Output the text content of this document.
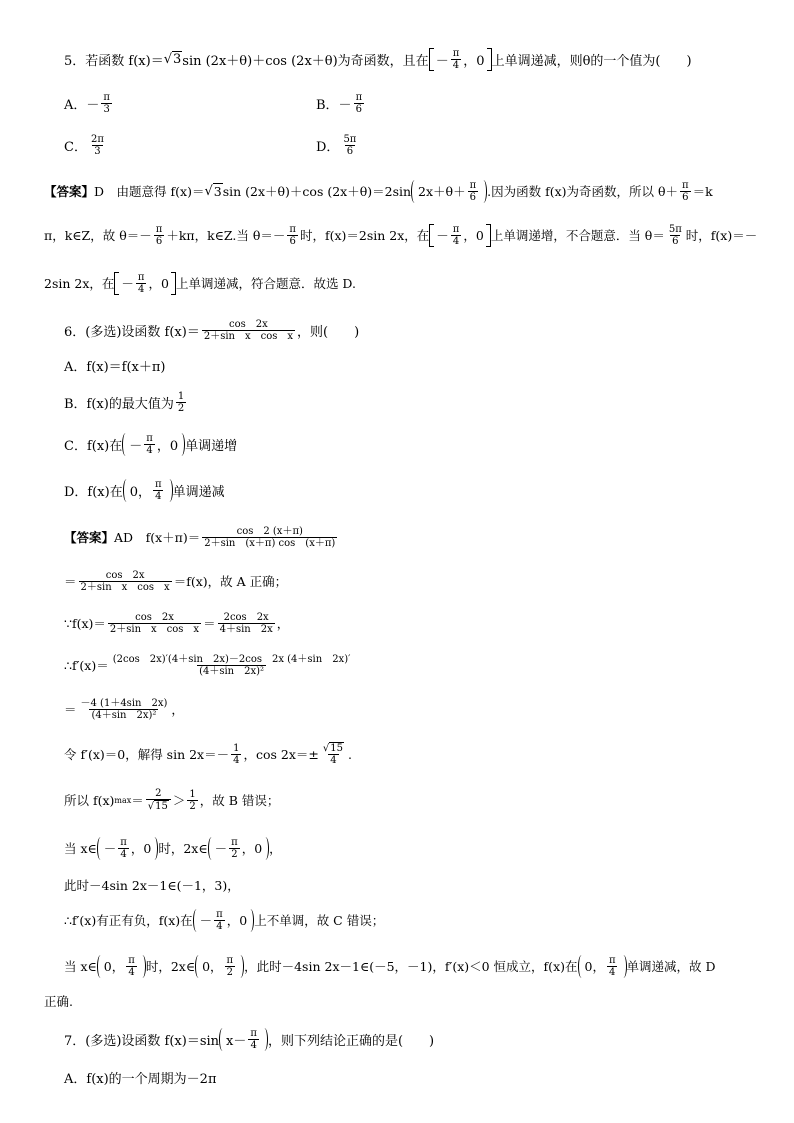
5．若函数 f(x)＝ √ 3 sin (2x＋θ)＋cos (2x＋θ)为奇函数，且在 － $\frac{\pi}{4}$ ，0 上单调递减，则θ的一个值为(　　)
A．－ $\frac{\pi}{3}$	B．－ $\frac{\pi}{6}$
C． $\frac{2\pi}{3}$	D． $\frac{5\pi}{6}$
【答案】 D　由题意得 f(x)＝ √ 3 sin (2x＋θ)＋cos (2x＋θ)＝2sin $2x+\theta+ \frac{\pi}{6}$ .因为函数 f(x)为奇函数，所以 $\theta+ \frac{\pi}{6} =k$
π，k∈Z，故 $\theta=- \frac{\pi}{6} +k\pi$，k∈Z.当 $\theta=- \frac{\pi}{6}$ 时，f(x)＝2sin 2x，在 － $\frac{\pi}{4}$ ，0 上单调递增，不合题意．当 $\theta= \frac{5\pi}{6}$ 时，f(x)＝－
2sin 2x，在 － $\frac{\pi}{4}$ ，0 上单调递减，符合题意．故选 D.
6．(多选)设函数 $f(x)= \frac{\cos 2x}{\text{2＋sin　x　cos　x}}$ ，则(　　)
A．f(x)＝f(x＋π)
B．f(x)的最大值为 $\frac{1}{2}$
C．f(x)在 － $\frac{\pi}{4}$ ，0 单调递增
D．f(x)在 0， $\frac{\pi}{4}$ 单调递减
【答案】 AD　$f(x+\pi)= \frac{\cos 2 (x+\pi)}{2+\sin (x+\pi) \cos (x+\pi)}$
＝ $\frac{\cos 2x}{\text{2＋sin　x　cos　x}} =f(x)$，故 A 正确；
∵f(x)＝ $\frac{\cos 2x}{\text{2＋sin　x　cos　x}} = \frac{2\cos 2x}{4+\sin 2x}$ ，
∴f′(x)＝ $\frac{(2\cos 2x)'(4+\sin 2x)-2\cos 2x (4+\sin 2x)'}{\text{(4＋sin　2x)²}}$
＝ $\frac{-4 (1+4\sin 2x)}{\text{(4＋sin　2x)²}}$ ，
令 f′(x)＝0，解得 $\sin 2x=- \frac{1}{4}$ ，$\cos 2x=\pm \frac{√ 15}{4}$ .
所以 f(x) max ＝ 2
√ $15 > \frac{1}{2}$ ，故 B 错误；
当 x∈ － $\frac{\pi}{4}$ ，0 时，2x∈ － $\frac{\pi}{2}$ ，0 ，
此时－4sin 2x－1∈(－1，3)，
∴f′(x)有正有负，f(x)在 － $\frac{\pi}{4}$ ，0 上不单调，故 C 错误；
当 x∈ 0， $\frac{\pi}{4}$ 时，2x∈ 0， $\frac{\pi}{2}$ ，此时－4sin 2x－1∈(－5，－1)，f′(x)＜0 恒成立，f(x)在 0， $\frac{\pi}{4}$ 单调递减，故 D
正确.
7．(多选)设函数 f(x)＝sin $x- \frac{\pi}{4}$ ，则下列结论正确的是(　　)
A．f(x)的一个周期为－2π
